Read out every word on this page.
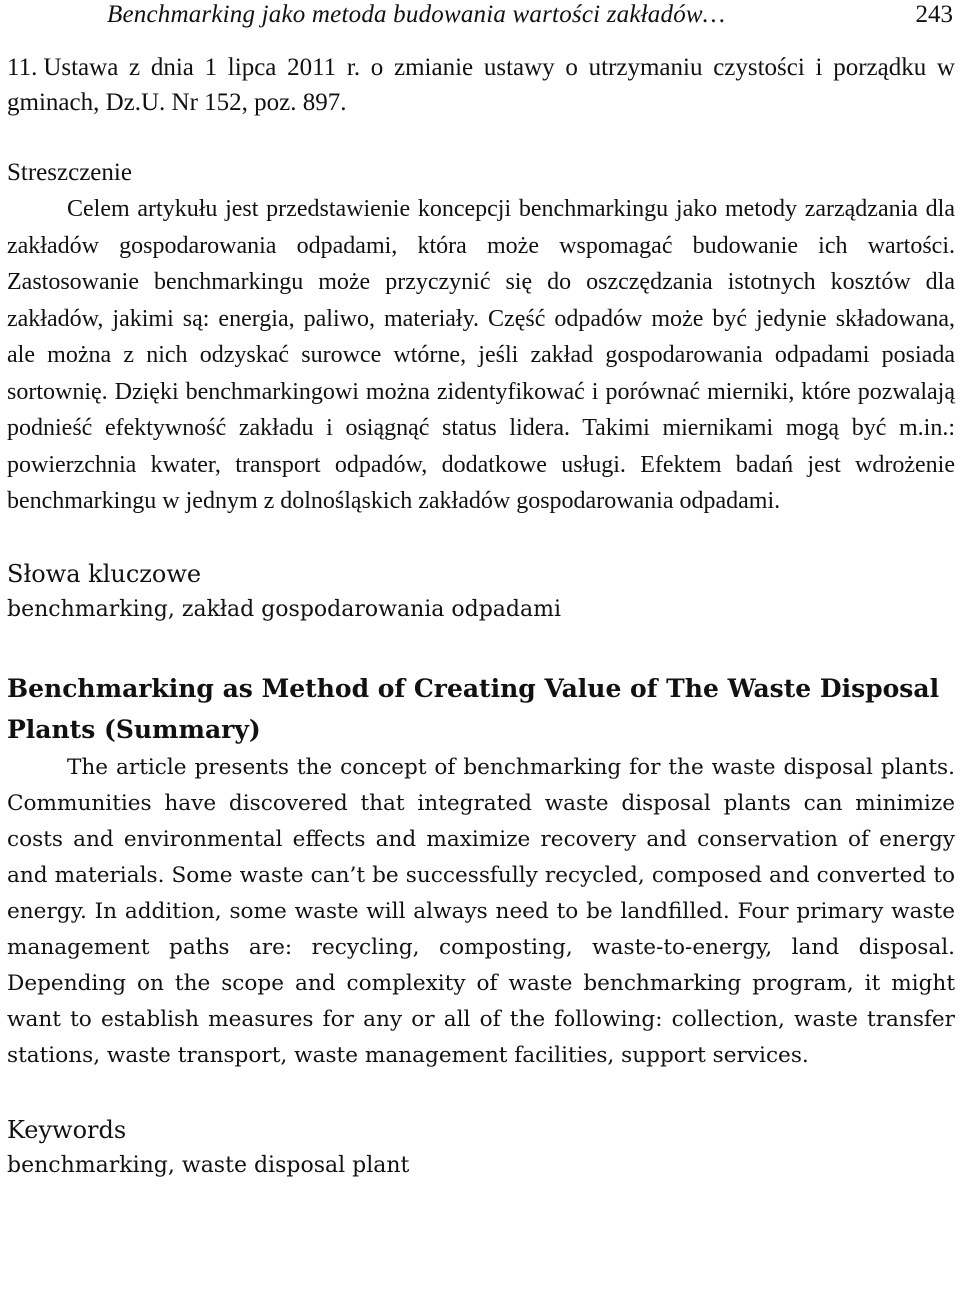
Benchmarking jako metoda budowania wartości zakładów…	243
11. Ustawa z dnia 1 lipca 2011 r. o zmianie ustawy o utrzymaniu czystości i porządku w gminach, Dz.U. Nr 152, poz. 897.
Streszczenie

Celem artykułu jest przedstawienie koncepcji benchmarkingu jako metody zarządzania dla zakładów gospodarowania odpadami, która może wspomagać budowanie ich wartości. Zastosowanie benchmarkingu może przyczynić się do oszczędzania istotnych kosztów dla zakładów, jakimi są: energia, paliwo, materiały. Część odpadów może być jedynie składowana, ale można z nich odzyskać surowce wtórne, jeśli zakład gospodarowania odpadami posiada sortownię. Dzięki benchmarkingowi można zidentyfikować i porównać mierniki, które pozwalają podnieść efektywność zakładu i osiągnąć status lidera. Takimi miernikami mogą być m.in.: powierzchnia kwater, transport odpadów, dodatkowe usługi. Efektem badań jest wdrożenie benchmarkingu w jednym z dolnośląskich zakładów gospodarowania odpadami.

Słowa kluczowe

benchmarking, zakład gospodarowania odpadami

Benchmarking as Method of Creating Value of The Waste Disposal Plants (Summary)

The article presents the concept of benchmarking for the waste disposal plants. Communities have discovered that integrated waste disposal plants can minimize costs and environmental effects and maximize recovery and conservation of energy and materials. Some waste can’t be successfully recycled, composed and converted to energy. In addition, some waste will always need to be landfilled. Four primary waste management paths are: recycling, composting, waste-to-energy, land disposal. Depending on the scope and complexity of waste benchmarking program, it might want to establish measures for any or all of the following: collection, waste transfer stations, waste transport, waste management facilities, support services.

Keywords

benchmarking, waste disposal plant
